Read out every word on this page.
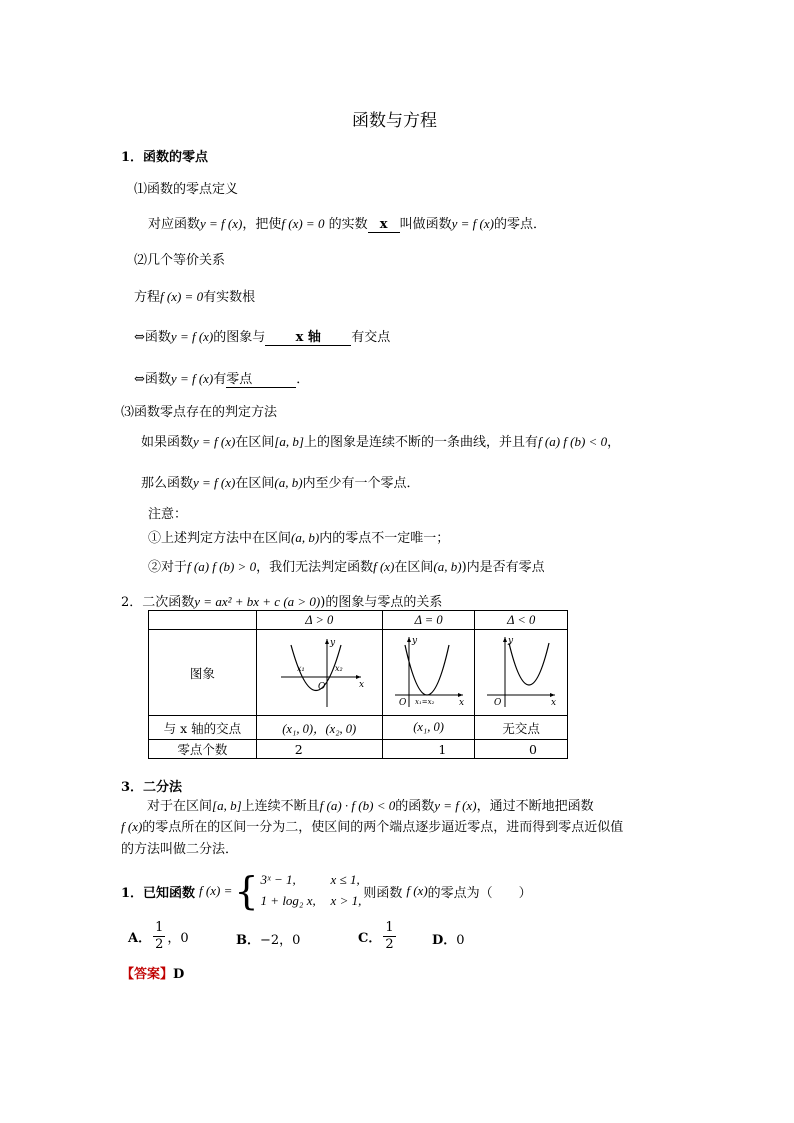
函数与方程
1．函数的零点
⑴函数的零点定义
对应函数y = f (x)，把使f (x) = 0 的实数 x 叫做函数y = f (x)的零点．
⑵几个等价关系
方程f (x) = 0有实数根
⇔函数y = f (x)的图象与 x 轴 有交点
⇔函数y = f (x)有零点	．
⑶函数零点存在的判定方法
如果函数y = f (x)在区间[a, b]上的图象是连续不断的一条曲线，并且有f (a) f (b) < 0，
那么函数y = f (x)在区间(a, b)内至少有一个零点．
注意：
①上述判定方法中在区间(a, b)内的零点不一定唯一；
②对于f (a) f (b) > 0，我们无法判定函数f (x)在区间(a, b))内是否有零点
2．二次函数y = ax² + bx + c (a > 0))的图象与零点的关系
	Δ > 0	Δ = 0	Δ < 0
图象	y
x
O
x₁ x₂	y
x
O x₁=x₂	y
x
O

与 x 轴的交点	(x₁, 0)，(x₂, 0)	(x₁, 0)	无交点
零点个数	2	1	0
3．二分法
对于在区间[a, b]上连续不断且f (a) · f (b) < 0的函数y = f (x)，通过不断地把函数
f (x)的零点所在的区间一分为二，使区间的两个端点逐步逼近零点，进而得到零点近似值
的方法叫做二分法．
1．已知函数 f (x) = { 3ˣ − 1,	x ≤ 1,
1 + log₂ x, x > 1, 则函数 f (x) 的零点为（　　）
A． $\frac{1}{2}$ ，0	B．−2，0	C． $\frac{1}{2}$	D．0
【答案】D
